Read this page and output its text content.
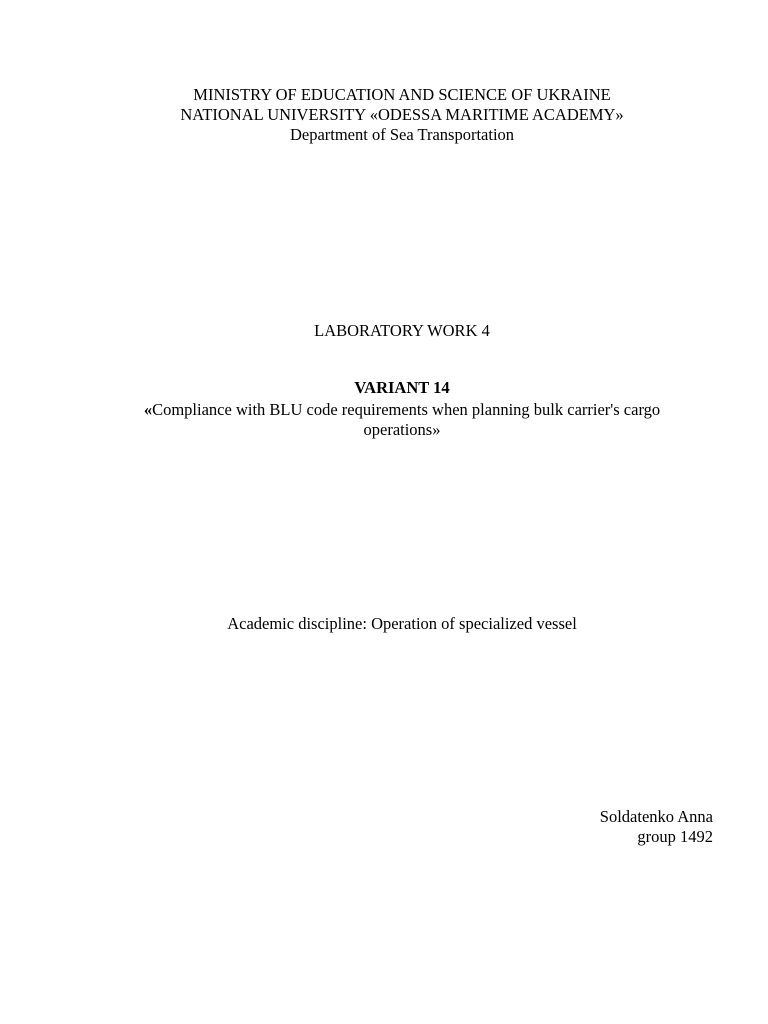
MINISTRY OF EDUCATION AND SCIENCE OF UKRAINE
NATIONAL UNIVERSITY «ODESSA MARITIME ACADEMY»
Department of Sea Transportation
LABORATORY WORK 4
VARIANT 14
«Compliance with BLU code requirements when planning bulk carrier's cargo
operations»
Academic discipline: Operation of specialized vessel
Soldatenko Anna
group 1492
